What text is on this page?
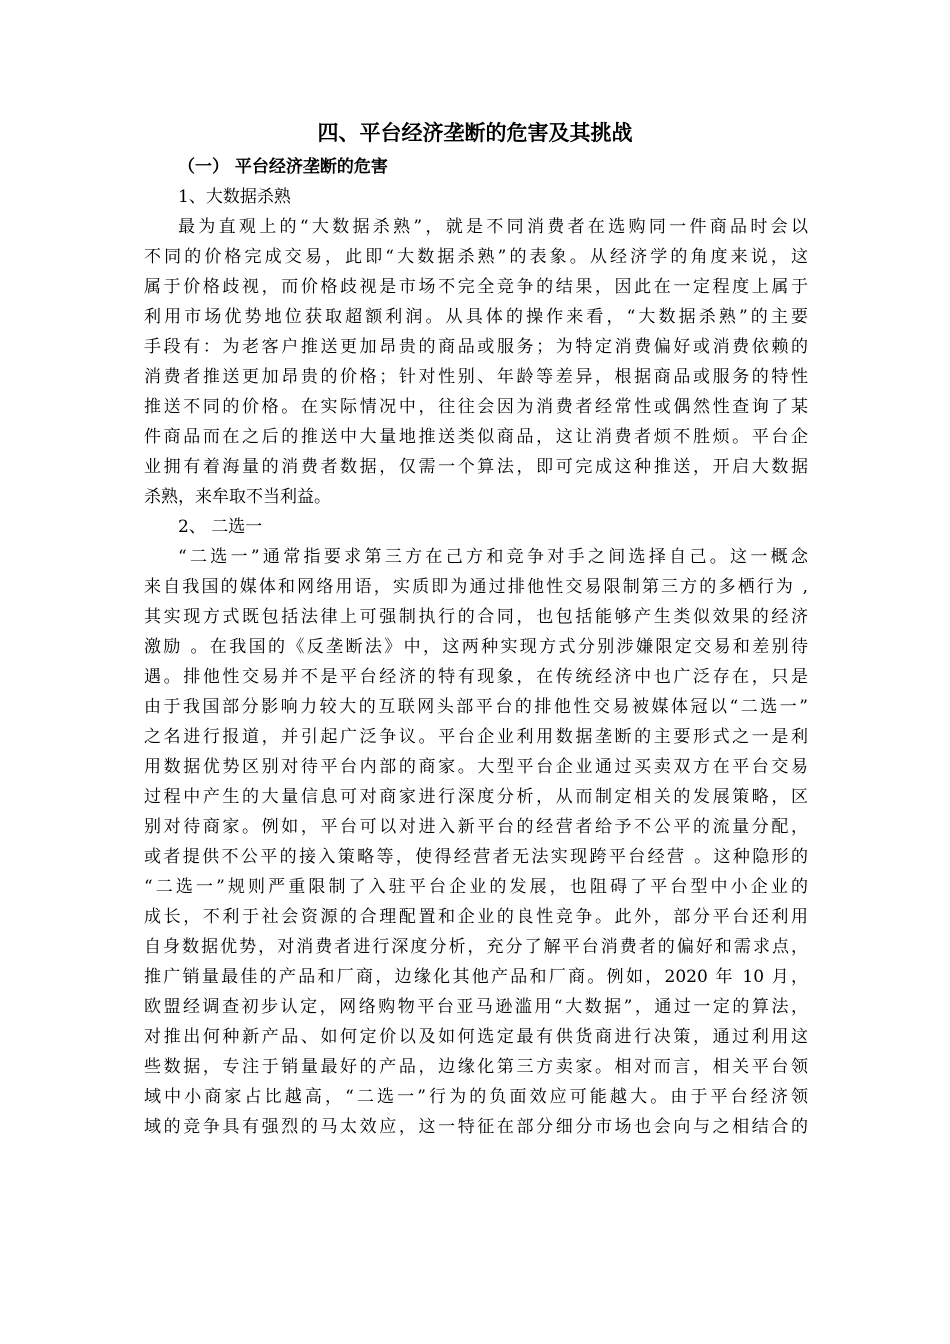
四、平台经济垄断的危害及其挑战
（一） 平台经济垄断的危害
1、大数据杀熟
最为直观上的“大数据杀熟”，就是不同消费者在选购同一件商品时会以
不同的价格完成交易，此即“大数据杀熟”的表象。从经济学的角度来说，这
属于价格歧视，而价格歧视是市场不完全竞争的结果，因此在一定程度上属于
利用市场优势地位获取超额利润。从具体的操作来看，“大数据杀熟”的主要
手段有：为老客户推送更加昂贵的商品或服务；为特定消费偏好或消费依赖的
消费者推送更加昂贵的价格；针对性别、年龄等差异，根据商品或服务的特性
推送不同的价格。在实际情况中，往往会因为消费者经常性或偶然性查询了某
件商品而在之后的推送中大量地推送类似商品，这让消费者烦不胜烦。平台企
业拥有着海量的消费者数据，仅需一个算法，即可完成这种推送，开启大数据
杀熟，来牟取不当利益。
2、 二选一
“二选一”通常指要求第三方在己方和竞争对手之间选择自己。这一概念
来自我国的媒体和网络用语，实质即为通过排他性交易限制第三方的多栖行为 ,
其实现方式既包括法律上可强制执行的合同，也包括能够产生类似效果的经济
激励 。在我国的《反垄断法》中，这两种实现方式分别涉嫌限定交易和差别待
遇。排他性交易并不是平台经济的特有现象，在传统经济中也广泛存在，只是
由于我国部分影响力较大的互联网头部平台的排他性交易被媒体冠以“二选一”
之名进行报道，并引起广泛争议。平台企业利用数据垄断的主要形式之一是利
用数据优势区别对待平台内部的商家。大型平台企业通过买卖双方在平台交易
过程中产生的大量信息可对商家进行深度分析，从而制定相关的发展策略，区
别对待商家。例如，平台可以对进入新平台的经营者给予不公平的流量分配，
或者提供不公平的接入策略等，使得经营者无法实现跨平台经营 。这种隐形的
“二选一”规则严重限制了入驻平台企业的发展，也阻碍了平台型中小企业的
成长，不利于社会资源的合理配置和企业的良性竞争。此外，部分平台还利用
自身数据优势，对消费者进行深度分析，充分了解平台消费者的偏好和需求点，
推广销量最佳的产品和厂商，边缘化其他产品和厂商。例如，2020 年 10 月，
欧盟经调查初步认定，网络购物平台亚马逊滥用“大数据”，通过一定的算法，
对推出何种新产品、如何定价以及如何选定最有供货商进行决策，通过利用这
些数据，专注于销量最好的产品，边缘化第三方卖家。相对而言，相关平台领
域中小商家占比越高，“二选一”行为的负面效应可能越大。由于平台经济领
域的竞争具有强烈的马太效应，这一特征在部分细分市场也会向与之相结合的
